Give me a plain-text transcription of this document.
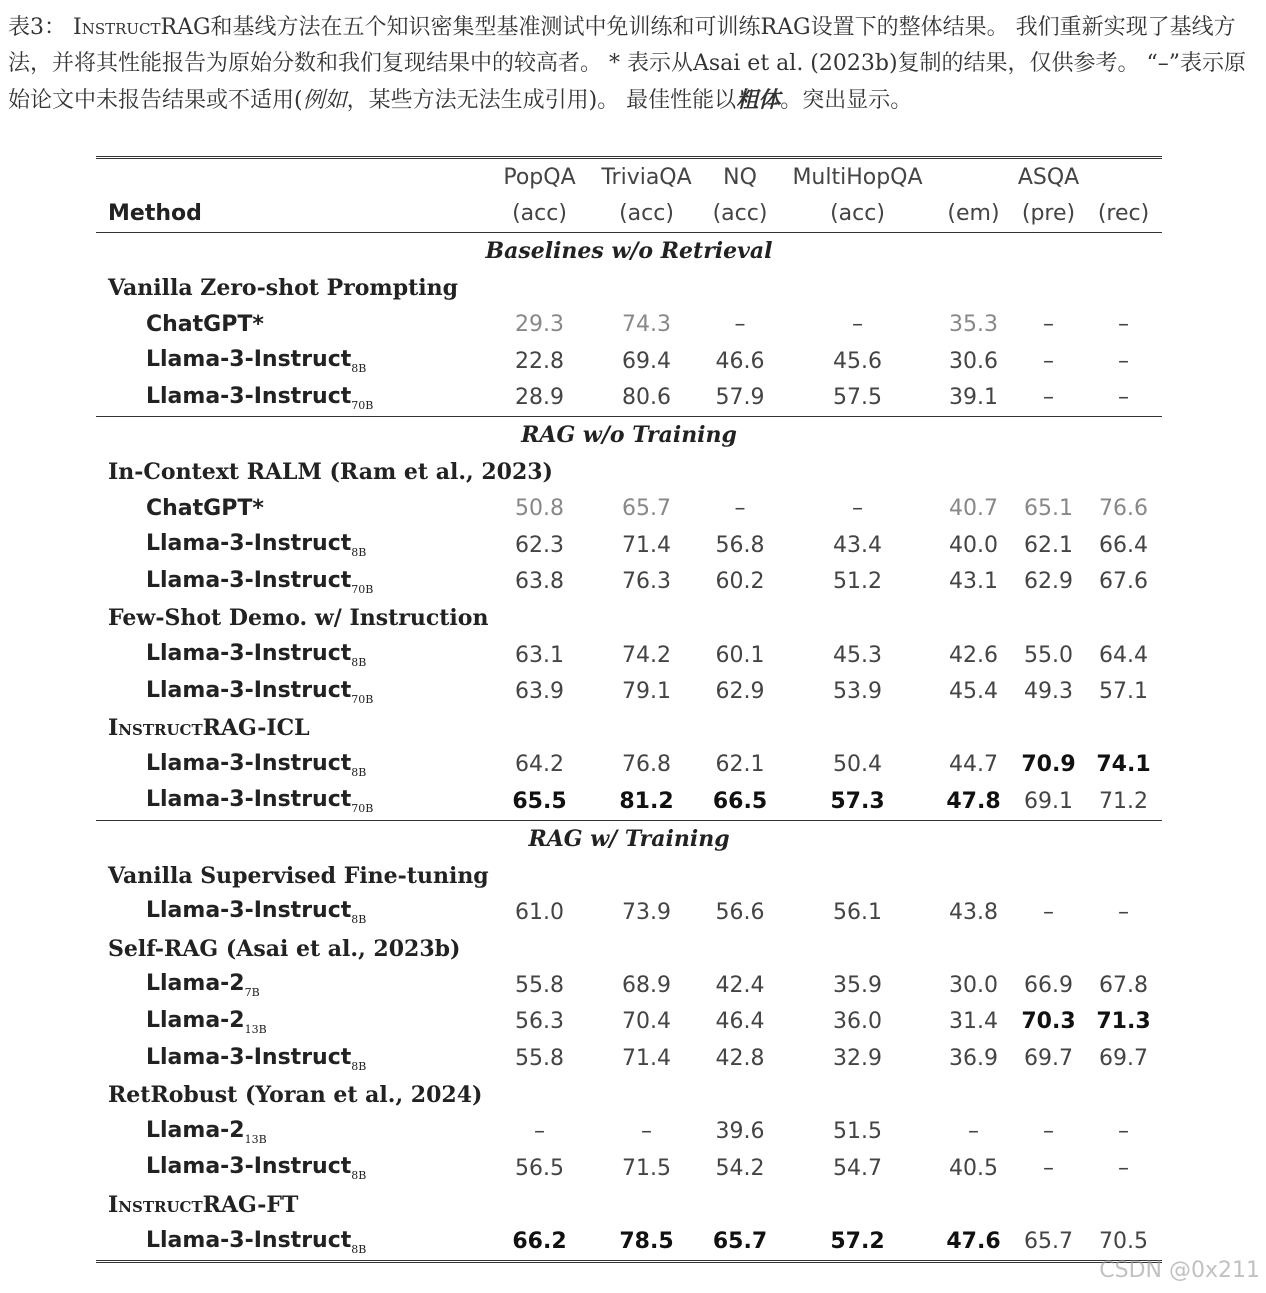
表3： InstructRAG和基线方法在五个知识密集型基准测试中免训练和可训练RAG设置下的整体结果。 我们重新实现了基线方法，并将其性能报告为原始分数和我们复现结果中的较高者。 * 表示从Asai et al. (2023b)复制的结果，仅供参考。 “–”表示原始论文中未报告结果或不适用(例如，某些方法无法生成引用)。 最佳性能以粗体。突出显示。
	PopQA	TriviaQA	NQ	MultiHopQA	ASQA		
Method	(acc)	(acc)	(acc)	(acc)	(em)	(pre)	(rec)
Baselines w/o Retrieval							
Vanilla Zero-shot Prompting							
ChatGPT*	29.3	74.3	–	–	35.3	–	–
Llama-3-Instruct$_{8B}$	22.8	69.4	46.6	45.6	30.6	–	–
Llama-3-Instruct$_{70B}$	28.9	80.6	57.9	57.5	39.1	–	–
RAG w/o Training							
In-Context RALM (Ram et al., 2023)							
ChatGPT*	50.8	65.7	–	–	40.7	65.1	76.6
Llama-3-Instruct$_{8B}$	62.3	71.4	56.8	43.4	40.0	62.1	66.4
Llama-3-Instruct$_{70B}$	63.8	76.3	60.2	51.2	43.1	62.9	67.6
Few-Shot Demo. w/ Instruction							
Llama-3-Instruct$_{8B}$	63.1	74.2	60.1	45.3	42.6	55.0	64.4
Llama-3-Instruct$_{70B}$	63.9	79.1	62.9	53.9	45.4	49.3	57.1
InstructRAG-ICL							
Llama-3-Instruct$_{8B}$	64.2	76.8	62.1	50.4	44.7	70.9	74.1
Llama-3-Instruct$_{70B}$	65.5	81.2	66.5	57.3	47.8	69.1	71.2
RAG w/ Training							
Vanilla Supervised Fine-tuning							
Llama-3-Instruct$_{8B}$	61.0	73.9	56.6	56.1	43.8	–	–
Self-RAG (Asai et al., 2023b)							
Llama-$2_{7B}$	55.8	68.9	42.4	35.9	30.0	66.9	67.8
Llama-$2_{13B}$	56.3	70.4	46.4	36.0	31.4	70.3	71.3
Llama-3-Instruct$_{8B}$	55.8	71.4	42.8	32.9	36.9	69.7	69.7
RetRobust (Yoran et al., 2024)							
Llama-$2_{13B}$	–	–	39.6	51.5	–	–	–
Llama-3-Instruct$_{8B}$	56.5	71.5	54.2	54.7	40.5	–	–
InstructRAG-FT							
Llama-3-Instruct$_{8B}$	66.2	78.5	65.7	57.2	47.6	65.7	70.5
CSDN @0x211
